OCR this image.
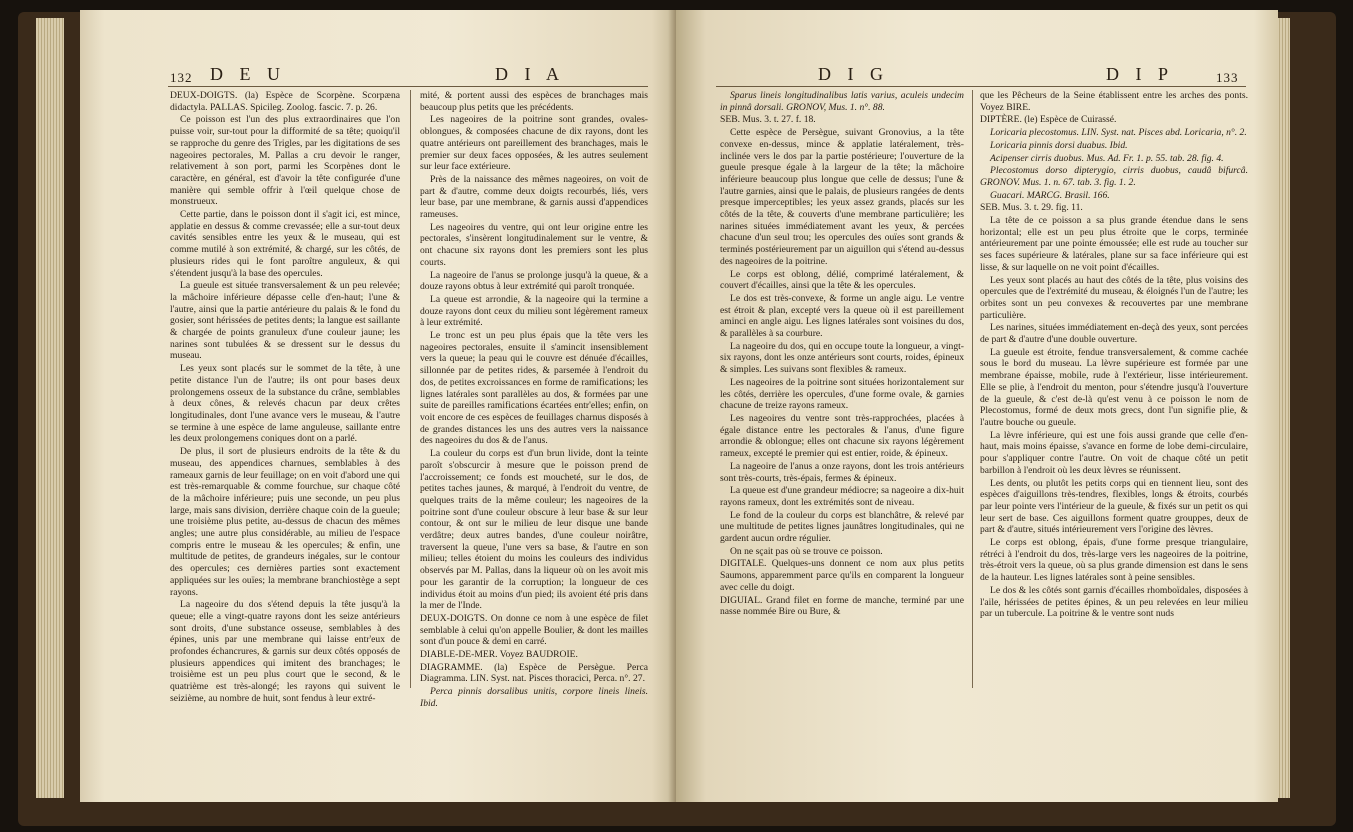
132 D E U	D I A

DEUX-DOIGTS. (la) Espèce de Scorpène. Scorpæna didactyla. PALLAS. Spicileg. Zoolog. fascic. 7. p. 26.

Ce poisson est l'un des plus extraordinaires que l'on puisse voir, sur-tout pour la difformité de sa tête; quoiqu'il se rapproche du genre des Trigles, par les digitations de ses nageoires pectorales, M. Pallas a cru devoir le ranger, relativement à son port, parmi les Scorpènes dont le caractère, en général, est d'avoir la tête configurée d'une manière qui semble offrir à l'œil quelque chose de monstrueux.

Cette partie, dans le poisson dont il s'agit ici, est mince, applatie en dessus & comme crevassée; elle a sur-tout deux cavités sensibles entre les yeux & le museau, qui est comme mutilé à son extrémité, & chargé, sur les côtés, de plusieurs rides qui le font paroître anguleux, & qui s'étendent jusqu'à la base des opercules.

La gueule est située transversalement & un peu relevée; la mâchoire inférieure dépasse celle d'en-haut; l'une & l'autre, ainsi que la partie antérieure du palais & le fond du gosier, sont hérissées de petites dents; la langue est saillante & chargée de points granuleux d'une couleur jaune; les narines sont tubulées & se dressent sur le dessus du museau.

Les yeux sont placés sur le sommet de la tête, à une petite distance l'un de l'autre; ils ont pour bases deux prolongemens osseux de la substance du crâne, semblables à deux cônes, & relevés chacun par deux crêtes longitudinales, dont l'une avance vers le museau, & l'autre se termine à une espèce de lame anguleuse, saillante entre les deux prolongemens coniques dont on a parlé.

De plus, il sort de plusieurs endroits de la tête & du museau, des appendices charnues, semblables à des rameaux garnis de leur feuillage; on en voit d'abord une qui est très-remarquable & comme fourchue, sur chaque côté de la mâchoire inférieure; puis une seconde, un peu plus large, mais sans division, derrière chaque coin de la gueule; une troisième plus petite, au-dessus de chacun des mêmes angles; une autre plus considérable, au milieu de l'espace compris entre le museau & les opercules; & enfin, une multitude de petites, de grandeurs inégales, sur le contour des opercules; ces dernières parties sont exactement appliquées sur les ouïes; la membrane branchiostège a sept rayons.

La nageoire du dos s'étend depuis la tête jusqu'à la queue; elle a vingt-quatre rayons dont les seize antérieurs sont droits, d'une substance osseuse, semblables à des épines, unis par une membrane qui laisse entr'eux de profondes échancrures, & garnis sur deux côtés opposés de plusieurs appendices qui imitent des branchages; le troisième est un peu plus court que le second, & le quatrième est très-alongé; les rayons qui suivent le seizième, au nombre de huit, sont fendus à leur extré-

mité, & portent aussi des espèces de branchages mais beaucoup plus petits que les précédents.

Les nageoires de la poitrine sont grandes, ovales-oblongues, & composées chacune de dix rayons, dont les quatre antérieurs ont pareillement des branchages, mais le premier sur deux faces opposées, & les autres seulement sur leur face extérieure.

Près de la naissance des mêmes nageoires, on voit de part & d'autre, comme deux doigts recourbés, liés, vers leur base, par une membrane, & garnis aussi d'appendices rameuses.

Les nageoires du ventre, qui ont leur origine entre les pectorales, s'insèrent longitudinalement sur le ventre, & ont chacune six rayons dont les premiers sont les plus courts.

La nageoire de l'anus se prolonge jusqu'à la queue, & a douze rayons obtus à leur extrémité qui paroît tronquée.

La queue est arrondie, & la nageoire qui la termine a douze rayons dont ceux du milieu sont légèrement rameux à leur extrémité.

Le tronc est un peu plus épais que la tête vers les nageoires pectorales, ensuite il s'amincit insensiblement vers la queue; la peau qui le couvre est dénuée d'écailles, sillonnée par de petites rides, & parsemée à l'endroit du dos, de petites excroissances en forme de ramifications; les lignes latérales sont parallèles au dos, & formées par une suite de pareilles ramifications écartées entr'elles; enfin, on voit encore de ces espèces de feuillages charnus disposés à de grandes distances les uns des autres vers la naissance des nageoires du dos & de l'anus.

La couleur du corps est d'un brun livide, dont la teinte paroît s'obscurcir à mesure que le poisson prend de l'accroissement; ce fonds est moucheté, sur le dos, de petites taches jaunes, & marqué, à l'endroit du ventre, de quelques traits de la même couleur; les nageoires de la poitrine sont d'une couleur obscure à leur base & sur leur contour, & ont sur le milieu de leur disque une bande verdâtre; deux autres bandes, d'une couleur noirâtre, traversent la queue, l'une vers sa base, & l'autre en son milieu; telles étoient du moins les couleurs des individus observés par M. Pallas, dans la liqueur où on les avoit mis pour les garantir de la corruption; la longueur de ces individus étoit au moins d'un pied; ils avoient été pris dans la mer de l'Inde.

DEUX-DOIGTS. On donne ce nom à une espèce de filet semblable à celui qu'on appelle Boulier, & dont les mailles sont d'un pouce & demi en carré.

DIABLE-DE-MER. Voyez BAUDROIE.

DIAGRAMME. (la) Espèce de Persègue. Perca Diagramma. LIN. Syst. nat. Pisces thoracici, Perca. n°. 27.

Perca pinnis dorsalibus unitis, corpore lineis lineis. Ibid.

D I G	D I P	133

Sparus lineis longitudinalibus latis varius, aculeis undecim in pinnâ dorsali. GRONOV, Mus. 1. n°. 88.

SEB. Mus. 3. t. 27. f. 18.

Cette espèce de Persègue, suivant Gronovius, a la tête convexe en-dessus, mince & applatie latéralement, très-inclinée vers le dos par la partie postérieure; l'ouverture de la gueule presque égale à la largeur de la tête; la mâchoire inférieure beaucoup plus longue que celle de dessus; l'une & l'autre garnies, ainsi que le palais, de plusieurs rangées de dents presque imperceptibles; les yeux assez grands, placés sur les côtés de la tête, & couverts d'une membrane particulière; les narines situées immédiatement avant les yeux, & percées chacune d'un seul trou; les opercules des ouïes sont grands & terminés postérieurement par un aiguillon qui s'étend au-dessus des nageoires de la poitrine.

Le corps est oblong, délié, comprimé latéralement, & couvert d'écailles, ainsi que la tête & les opercules.

Le dos est très-convexe, & forme un angle aigu. Le ventre est étroit & plan, excepté vers la queue où il est pareillement aminci en angle aigu. Les lignes latérales sont voisines du dos, & parallèles à sa courbure.

La nageoire du dos, qui en occupe toute la longueur, a vingt-six rayons, dont les onze antérieurs sont courts, roides, épineux & simples. Les suivans sont flexibles & rameux.

Les nageoires de la poitrine sont situées horizontalement sur les côtés, derrière les opercules, d'une forme ovale, & garnies chacune de treize rayons rameux.

Les nageoires du ventre sont très-rapprochées, placées à égale distance entre les pectorales & l'anus, d'une figure arrondie & oblongue; elles ont chacune six rayons légèrement rameux, excepté le premier qui est entier, roide, & épineux.

La nageoire de l'anus a onze rayons, dont les trois antérieurs sont très-courts, très-épais, fermes & épineux.

La queue est d'une grandeur médiocre; sa nageoire a dix-huit rayons rameux, dont les extrémités sont de niveau.

Le fond de la couleur du corps est blanchâtre, & relevé par une multitude de petites lignes jaunâtres longitudinales, qui ne gardent aucun ordre régulier.

On ne sçait pas où se trouve ce poisson.

DIGITALE. Quelques-uns donnent ce nom aux plus petits Saumons, apparemment parce qu'ils en comparent la longueur avec celle du doigt.

DIGUIAL. Grand filet en forme de manche, terminé par une nasse nommée Bire ou Bure, &

que les Pêcheurs de la Seine établissent entre les arches des ponts. Voyez BIRE.

DIPTÈRE. (le) Espèce de Cuirassé.

Loricaria plecostomus. LIN. Syst. nat. Pisces abd. Loricaria, n°. 2.

Loricaria pinnis dorsi duabus. Ibid.

Acipenser cirris duobus. Mus. Ad. Fr. 1. p. 55. tab. 28. fig. 4.

Plecostomus dorso dipterygio, cirris duobus, caudâ bifurcâ. GRONOV. Mus. 1. n. 67. tab. 3. fig. 1. 2.

Guacari. MARCG. Brasil. 166.

SEB. Mus. 3. t. 29. fig. 11.

La tête de ce poisson a sa plus grande étendue dans le sens horizontal; elle est un peu plus étroite que le corps, terminée antérieurement par une pointe émoussée; elle est rude au toucher sur ses faces supérieure & latérales, plane sur sa face inférieure qui est lisse, & sur laquelle on ne voit point d'écailles.

Les yeux sont placés au haut des côtés de la tête, plus voisins des opercules que de l'extrémité du museau, & éloignés l'un de l'autre; les orbites sont un peu convexes & recouvertes par une membrane particulière.

Les narines, situées immédiatement en-deçà des yeux, sont percées de part & d'autre d'une double ouverture.

La gueule est étroite, fendue transversalement, & comme cachée sous le bord du museau. La lèvre supérieure est formée par une membrane épaisse, mobile, rude à l'extérieur, lisse intérieurement. Elle se plie, à l'endroit du menton, pour s'étendre jusqu'à l'ouverture de la gueule, & c'est de-là qu'est venu à ce poisson le nom de Plecostomus, formé de deux mots grecs, dont l'un signifie plie, & l'autre bouche ou gueule.

La lèvre inférieure, qui est une fois aussi grande que celle d'en-haut, mais moins épaisse, s'avance en forme de lobe demi-circulaire, pour s'appliquer contre l'autre. On voit de chaque côté un petit barbillon à l'endroit où les deux lèvres se réunissent.

Les dents, ou plutôt les petits corps qui en tiennent lieu, sont des espèces d'aiguillons très-tendres, flexibles, longs & étroits, courbés par leur pointe vers l'intérieur de la gueule, & fixés sur un petit os qui leur sert de base. Ces aiguillons forment quatre grouppes, deux de part & d'autre, situés intérieurement vers l'origine des lèvres.

Le corps est oblong, épais, d'une forme presque triangulaire, rétréci à l'endroit du dos, très-large vers les nageoires de la poitrine, très-étroit vers la queue, où sa plus grande dimension est dans le sens de la hauteur. Les lignes latérales sont à peine sensibles.

Le dos & les côtés sont garnis d'écailles rhomboïdales, disposées à l'aile, hérissées de petites épines, & un peu relevées en leur milieu par un tubercule. La poitrine & le ventre sont nuds
